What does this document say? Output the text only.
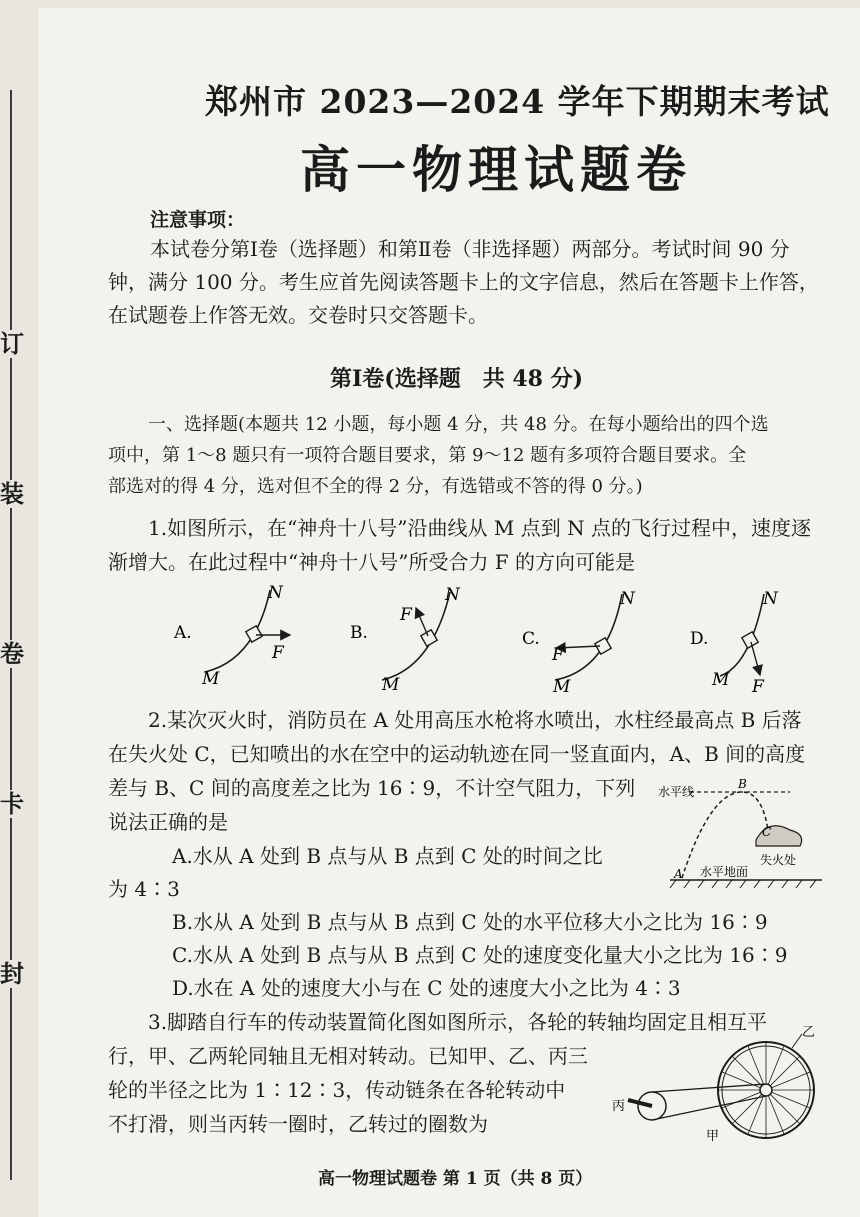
订
装
卷
卡
封
郑州市 2023—2024 学年下期期末考试
高一物理试题卷
注意事项：
本试卷分第Ⅰ卷（选择题）和第Ⅱ卷（非选择题）两部分。考试时间 90 分
钟，满分 100 分。考生应首先阅读答题卡上的文字信息，然后在答题卡上作答，
在试题卷上作答无效。交卷时只交答题卡。
第Ⅰ卷(选择题　共 48 分)
一、选择题(本题共 12 小题，每小题 4 分，共 48 分。在每小题给出的四个选
项中，第 1～8 题只有一项符合题目要求，第 9～12 题有多项符合题目要求。全
部选对的得 4 分，选对但不全的得 2 分，有选错或不答的得 0 分。)
1.如图所示，在“神舟十八号”沿曲线从 M 点到 N 点的飞行过程中，速度逐
渐增大。在此过程中“神舟十八号”所受合力 F 的方向可能是
A.
M
N
F
B.
M
N
F
C.
M
N
F
D.
M
N
F
2.某次灭火时，消防员在 A 处用高压水枪将水喷出，水柱经最高点 B 后落
在失火处 C，已知喷出的水在空中的运动轨迹在同一竖直面内，A、B 间的高度
差与 B、C 间的高度差之比为 16∶9，不计空气阻力，下列
说法正确的是
A.水从 A 处到 B 点与从 B 点到 C 处的时间之比
为 4∶3
B.水从 A 处到 B 点与从 B 点到 C 处的水平位移大小之比为 16∶9
C.水从 A 处到 B 点与从 B 点到 C 处的速度变化量大小之比为 16∶9
D.水在 A 处的速度大小与在 C 处的速度大小之比为 4∶3
水平线
B
C
失火处
A 水平地面
3.脚踏自行车的传动装置简化图如图所示，各轮的转轴均固定且相互平
行，甲、乙两轮同轴且无相对转动。已知甲、乙、丙三
轮的半径之比为 1∶12∶3，传动链条在各轮转动中
不打滑，则当丙转一圈时，乙转过的圈数为
乙
丙
甲
高一物理试题卷 第 1 页（共 8 页）
